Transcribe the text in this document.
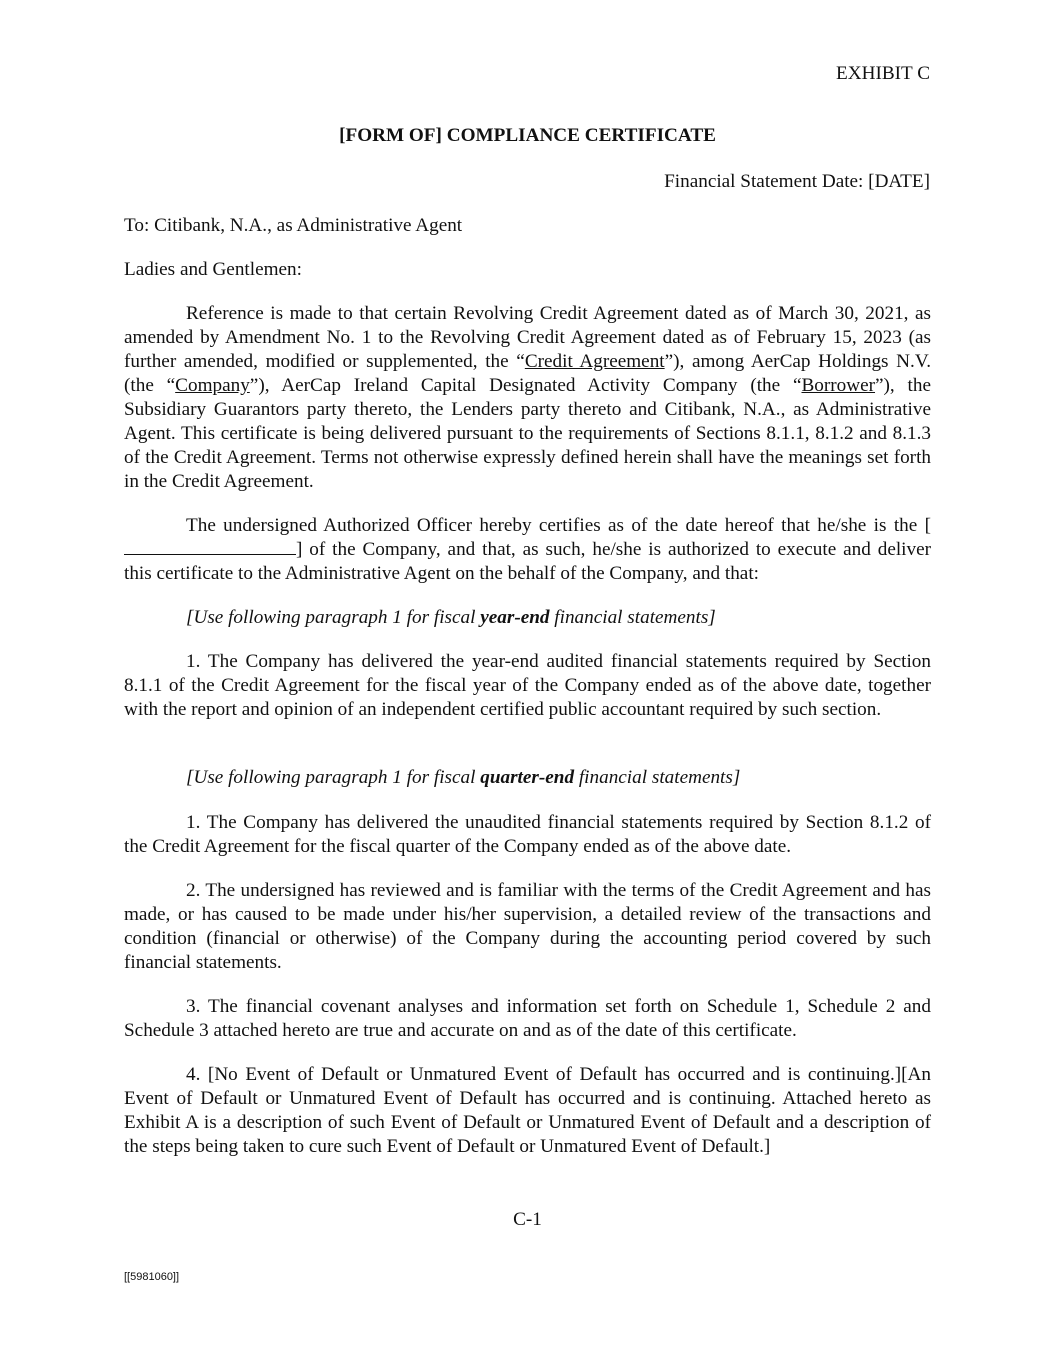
EXHIBIT C
[FORM OF] COMPLIANCE CERTIFICATE
Financial Statement Date: [DATE]
To: Citibank, N.A., as Administrative Agent
Ladies and Gentlemen:
Reference is made to that certain Revolving Credit Agreement dated as of March 30, 2021, as amended by Amendment No. 1 to the Revolving Credit Agreement dated as of February 15, 2023 (as further amended, modified or supplemented, the “Credit Agreement”), among AerCap Holdings N.V. (the “Company”), AerCap Ireland Capital Designated Activity Company (the “Borrower”), the Subsidiary Guarantors party thereto, the Lenders party thereto and Citibank, N.A., as Administrative Agent. This certificate is being delivered pursuant to the requirements of Sections 8.1.1, 8.1.2 and 8.1.3 of the Credit Agreement. Terms not otherwise expressly defined herein shall have the meanings set forth in the Credit Agreement.
The undersigned Authorized Officer hereby certifies as of the date hereof that he/she is the [] of the Company, and that, as such, he/she is authorized to execute and deliver this certificate to the Administrative Agent on the behalf of the Company, and that:
[Use following paragraph 1 for fiscal year-end financial statements]
1. The Company has delivered the year-end audited financial statements required by Section 8.1.1 of the Credit Agreement for the fiscal year of the Company ended as of the above date, together with the report and opinion of an independent certified public accountant required by such section.
[Use following paragraph 1 for fiscal quarter-end financial statements]
1. The Company has delivered the unaudited financial statements required by Section 8.1.2 of the Credit Agreement for the fiscal quarter of the Company ended as of the above date.
2. The undersigned has reviewed and is familiar with the terms of the Credit Agreement and has made, or has caused to be made under his/her supervision, a detailed review of the transactions and condition (financial or otherwise) of the Company during the accounting period covered by such financial statements.
3. The financial covenant analyses and information set forth on Schedule 1, Schedule 2 and Schedule 3 attached hereto are true and accurate on and as of the date of this certificate.
4. [No Event of Default or Unmatured Event of Default has occurred and is continuing.][An Event of Default or Unmatured Event of Default has occurred and is continuing. Attached hereto as Exhibit A is a description of such Event of Default or Unmatured Event of Default and a description of the steps being taken to cure such Event of Default or Unmatured Event of Default.]
C-1
[[5981060]]
